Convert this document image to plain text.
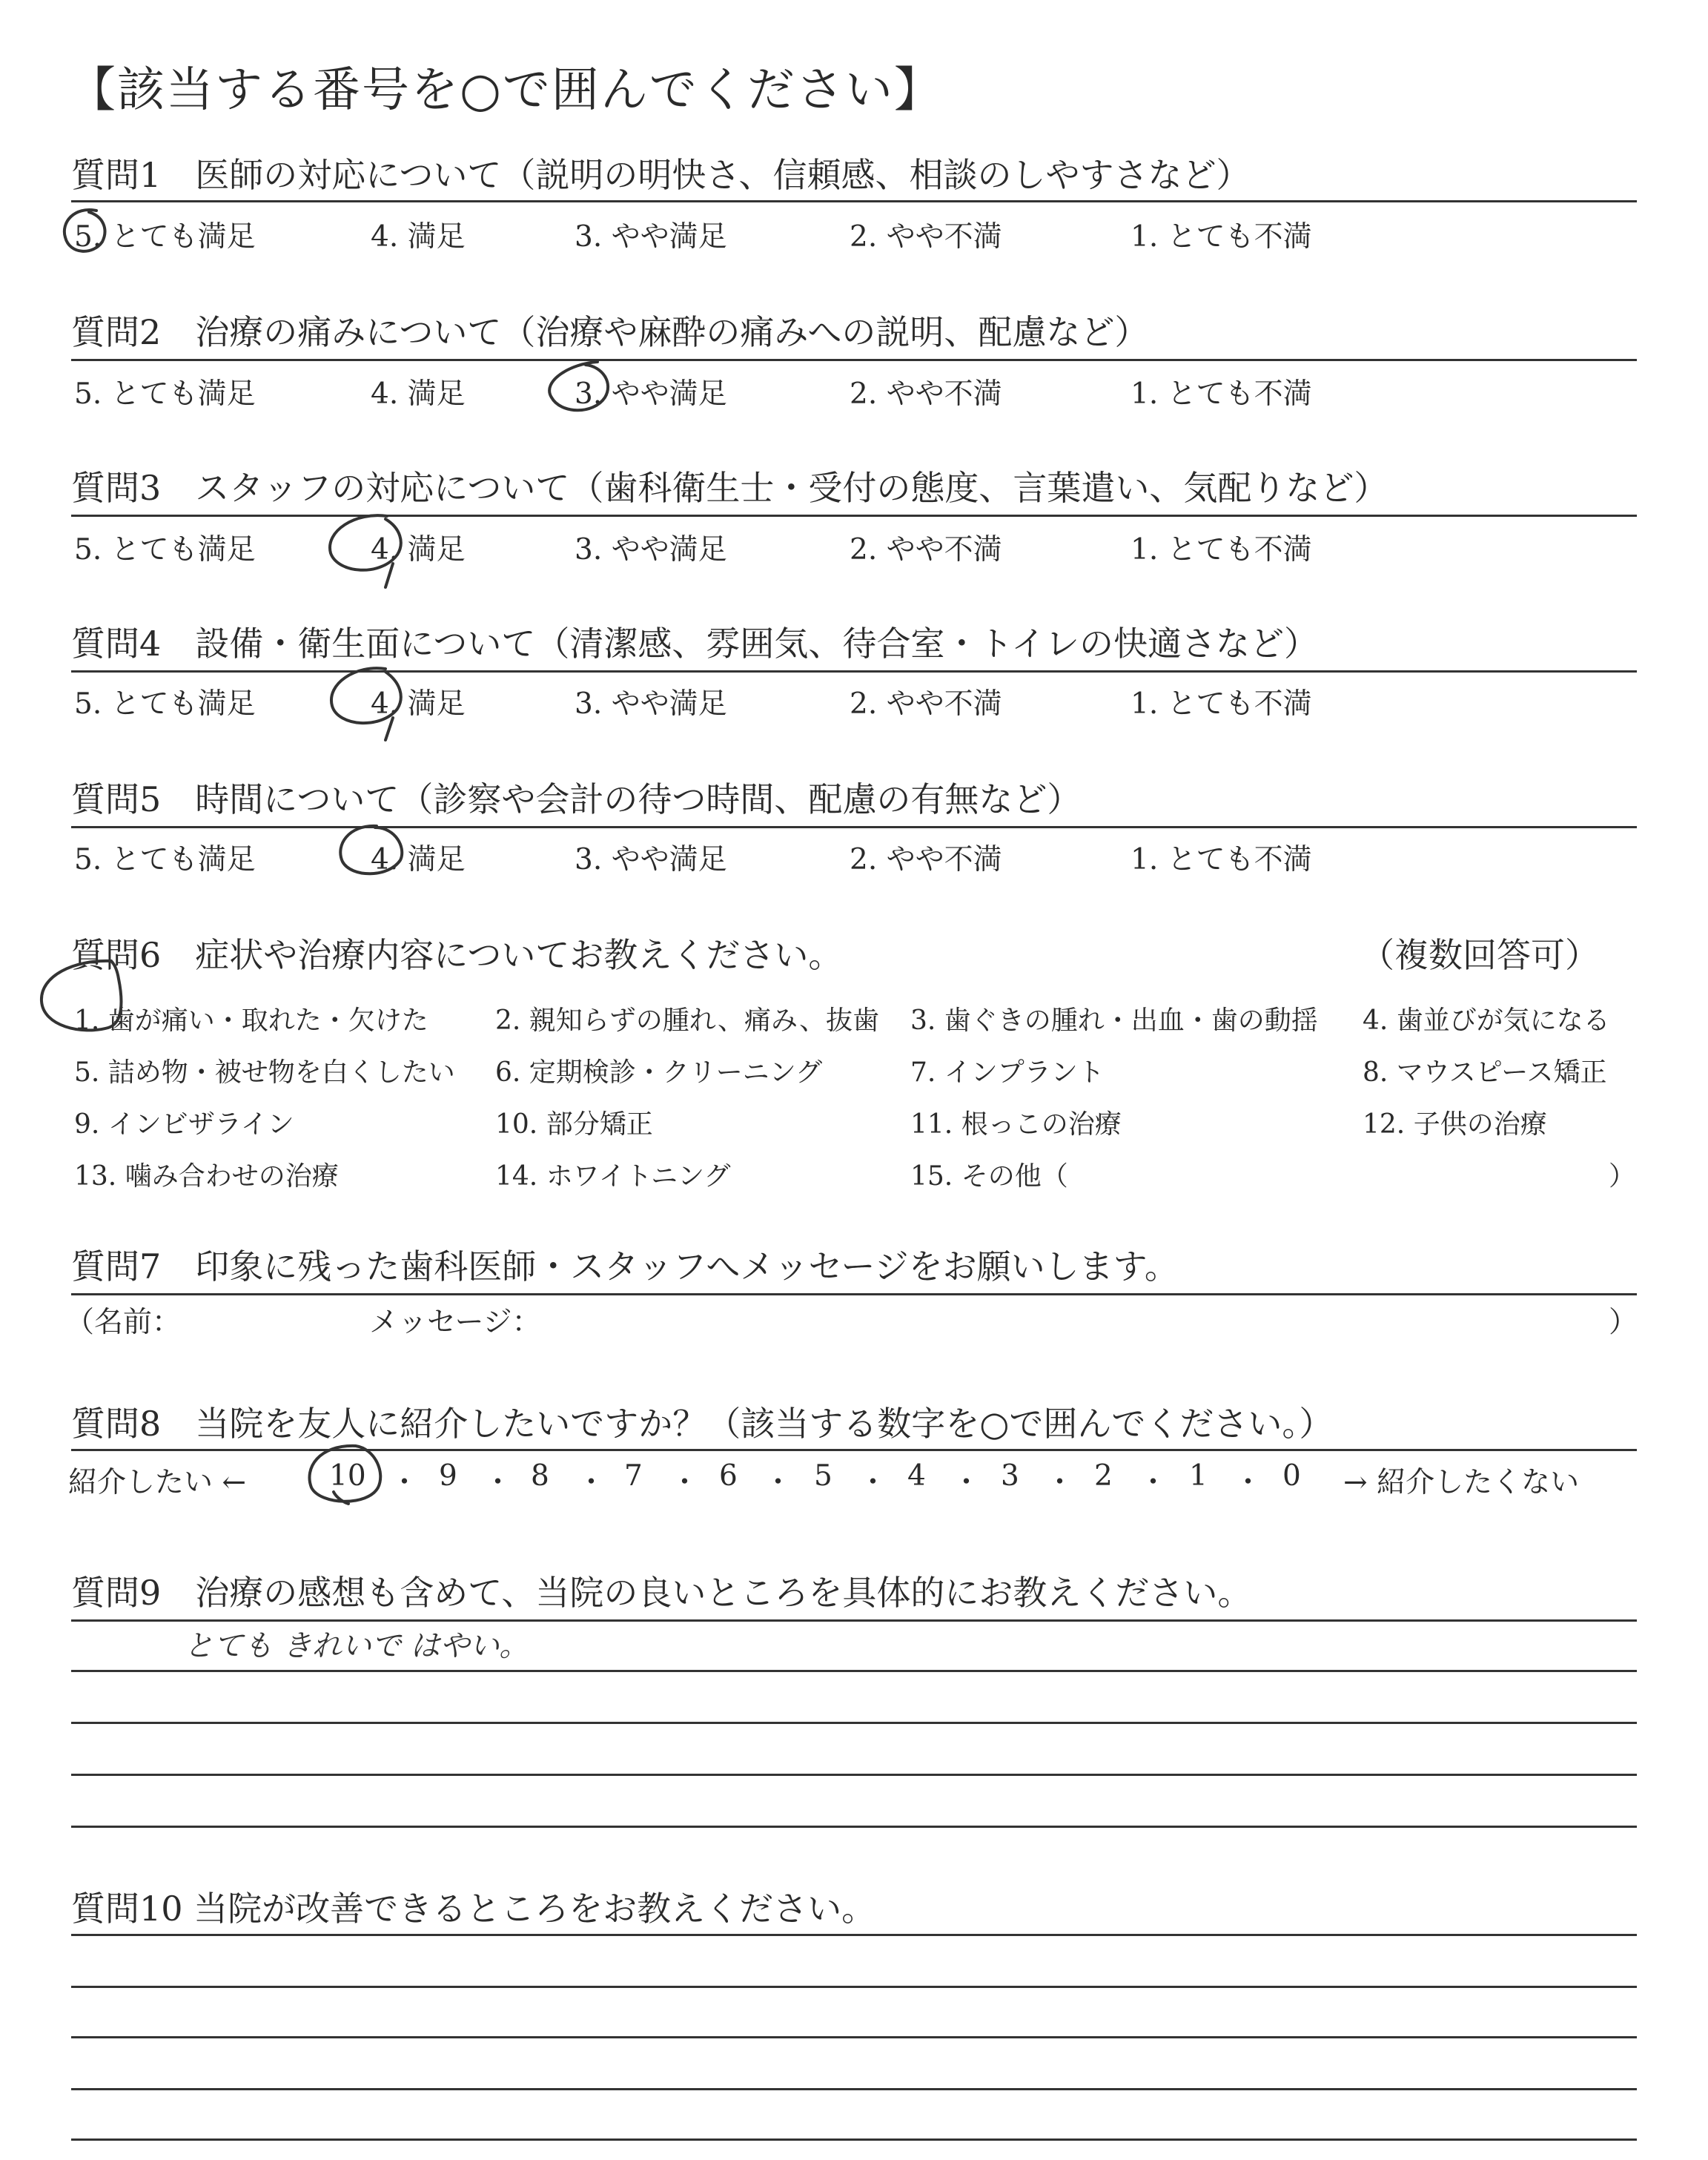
【該当する番号を○で囲んでください】
質問1　医師の対応について（説明の明快さ、信頼感、相談のしやすさなど）
5. とても満足	4. 満足	3. やや満足	2. やや不満	1. とても不満
質問2　治療の痛みについて（治療や麻酔の痛みへの説明、配慮など）
5. とても満足	4. 満足	3. やや満足	2. やや不満	1. とても不満
質問3　スタッフの対応について（歯科衛生士・受付の態度、言葉遣い、気配りなど）
5. とても満足	4. 満足	3. やや満足	2. やや不満	1. とても不満
質問4　設備・衛生面について（清潔感、雰囲気、待合室・トイレの快適さなど）
5. とても満足	4. 満足	3. やや満足	2. やや不満	1. とても不満
質問5　時間について（診察や会計の待つ時間、配慮の有無など）
5. とても満足	4. 満足	3. やや満足	2. やや不満	1. とても不満
質問6　症状や治療内容についてお教えください。	（複数回答可）
1. 歯が痛い・取れた・欠けた	2. 親知らずの腫れ、痛み、抜歯 3. 歯ぐきの腫れ・出血・歯の動揺 4. 歯並びが気になる
5. 詰め物・被せ物を白くしたい 6. 定期検診・クリーニング	7. インプラント	8. マウスピース矯正
9. インビザライン	10. 部分矯正	11. 根っこの治療	12. 子供の治療
13. 噛み合わせの治療	14. ホワイトニング	15. その他（	）
質問7　印象に残った歯科医師・スタッフへメッセージをお願いします。
（名前：	メッセージ：	）
質問8　当院を友人に紹介したいですか？（該当する数字を○で囲んでください。）
紹介したい ←	10 ・ 9 ・ 8 ・ 7 ・ 6 ・ 5 ・ 4 ・ 3 ・ 2 ・ 1 ・ 0 → 紹介したくない
質問9　治療の感想も含めて、当院の良いところを具体的にお教えください。
とても きれいで はやい。
質問10 当院が改善できるところをお教えください。
